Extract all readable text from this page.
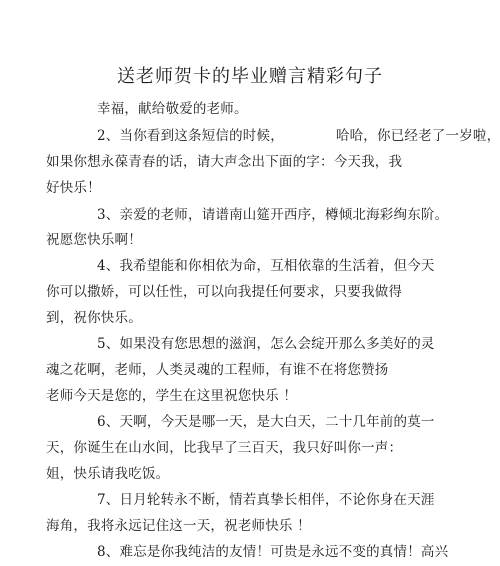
送老师贺卡的毕业赠言精彩句子
幸福，献给敬爱的老师。
2、当你看到这条短信的时候，	哈哈，你已经老了一岁啦，
如果你想永葆青春的话，请大声念出下面的字：今天我，我
好快乐！
3、亲爱的老师，请谱南山筵开西序，樽倾北海彩绚东阶。
祝愿您快乐啊！
4、我希望能和你相依为命，互相依靠的生活着，但今天
你可以撒娇，可以任性，可以向我提任何要求，只要我做得
到，祝你快乐。
5、如果没有您思想的滋润，怎么会绽开那么多美好的灵
魂之花啊，老师，人类灵魂的工程师，有谁不在将您赞扬
老师今天是您的，学生在这里祝您快乐 ！
6、天啊，今天是哪一天，是大白天，二十几年前的莫一
天，你诞生在山水间，比我早了三百天，我只好叫你一声：
姐，快乐请我吃饭。
7、日月轮转永不断，情若真挚长相伴，不论你身在天涯
海角，我将永远记住这一天，祝老师快乐 ！
8、难忘是你我纯洁的友情！可贵是永远不变的真情！高兴
